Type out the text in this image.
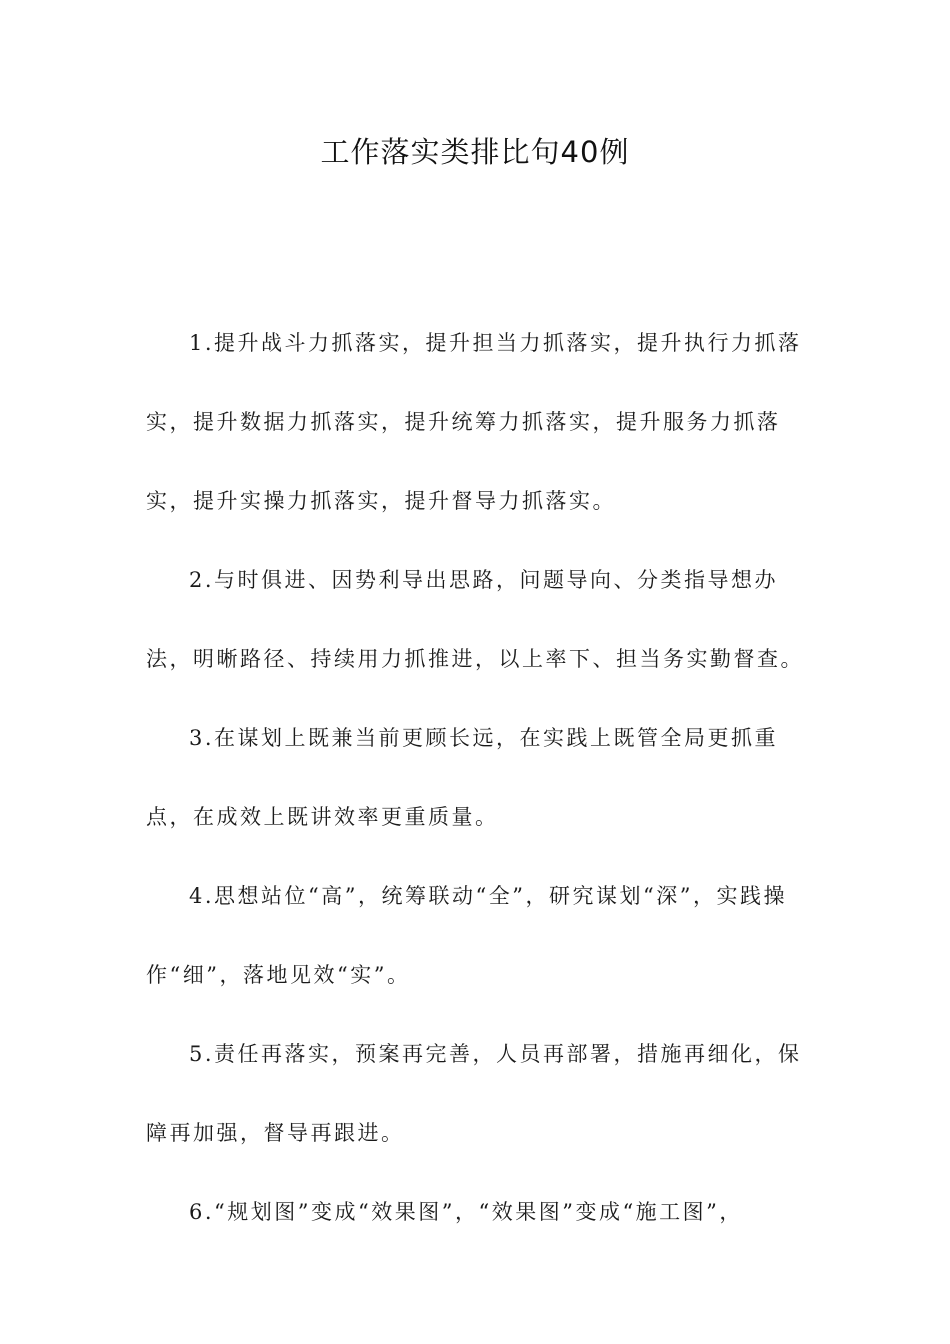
工作落实类排比句40例

1.提升战斗力抓落实，提升担当力抓落实，提升执行力抓落实，提升数据力抓落实，提升统筹力抓落实，提升服务力抓落实，提升实操力抓落实，提升督导力抓落实。

2.与时俱进、因势利导出思路，问题导向、分类指导想办法，明晰路径、持续用力抓推进，以上率下、担当务实勤督查。

3.在谋划上既兼当前更顾长远，在实践上既管全局更抓重点，在成效上既讲效率更重质量。

4.思想站位“高”，统筹联动“全”，研究谋划“深”，实践操作“细”，落地见效“实”。

5.责任再落实，预案再完善，人员再部署，措施再细化，保障再加强，督导再跟进。

6.“规划图”变成“效果图”，“效果图”变成“施工图”，
